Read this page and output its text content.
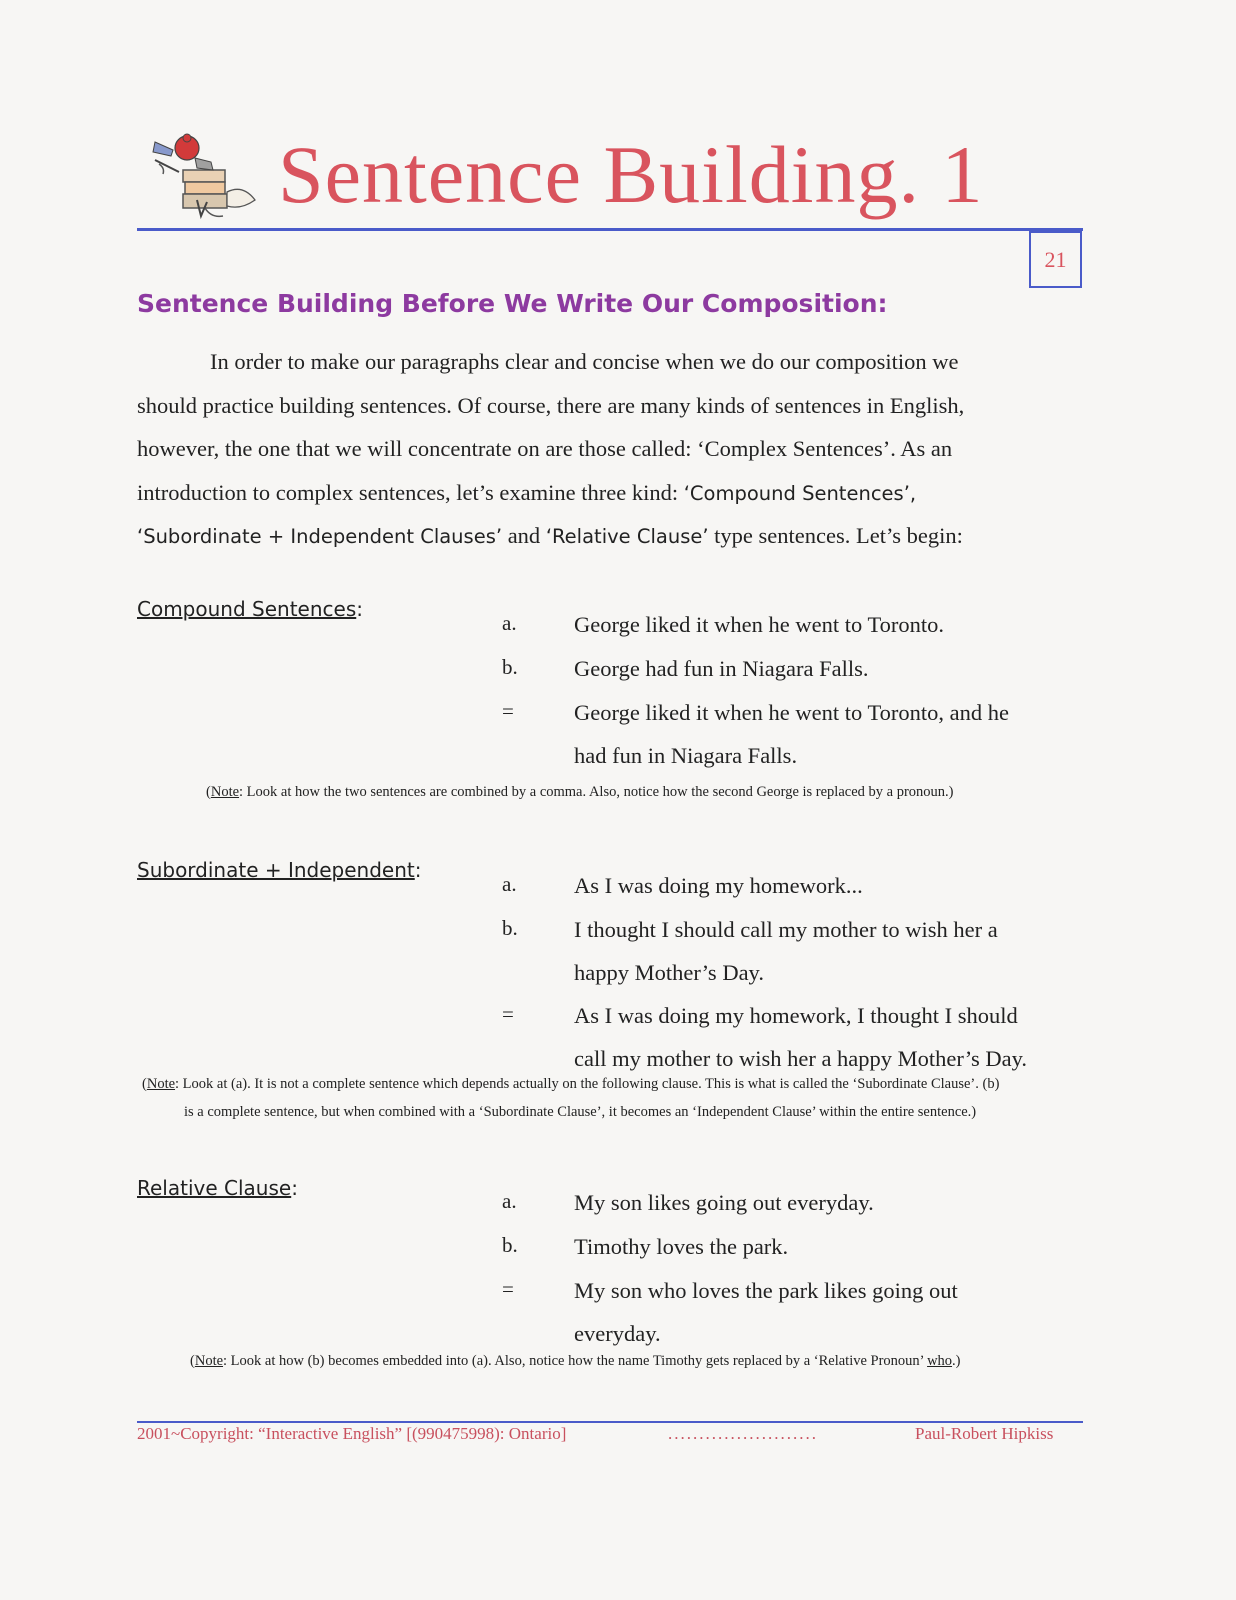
Sentence Building. 1
21
Sentence Building Before We Write Our Composition:
In order to make our paragraphs clear and concise when we do our composition we
should practice building sentences. Of course, there are many kinds of sentences in English,
however, the one that we will concentrate on are those called: ‘Complex Sentences’. As an
introduction to complex sentences, let’s examine three kind: ‘Compound Sentences’,
‘Subordinate + Independent Clauses’ and ‘Relative Clause’ type sentences. Let’s begin:
Compound Sentences:
a.	George liked it when he went to Toronto.
b.	George had fun in Niagara Falls.
=	George liked it when he went to Toronto, and he
had fun in Niagara Falls.
(Note: Look at how the two sentences are combined by a comma. Also, notice how the second George is replaced by a pronoun.)
Subordinate + Independent:
a.	As I was doing my homework...
b.	I thought I should call my mother to wish her a
happy Mother’s Day.
=	As I was doing my homework, I thought I should
call my mother to wish her a happy Mother’s Day.
(Note: Look at (a). It is not a complete sentence which depends actually on the following clause. This is what is called the ‘Subordinate Clause’. (b)
is a complete sentence, but when combined with a ‘Subordinate Clause’, it becomes an ‘Independent Clause’ within the entire sentence.)
Relative Clause:
a.	My son likes going out everyday.
b.	Timothy loves the park.
=	My son who loves the park likes going out
everyday.
(Note: Look at how (b) becomes embedded into (a). Also, notice how the name Timothy gets replaced by a ‘Relative Pronoun’ who.)
2001~Copyright: “Interactive English” [(990475998): Ontario]	........................	Paul-Robert Hipkiss
